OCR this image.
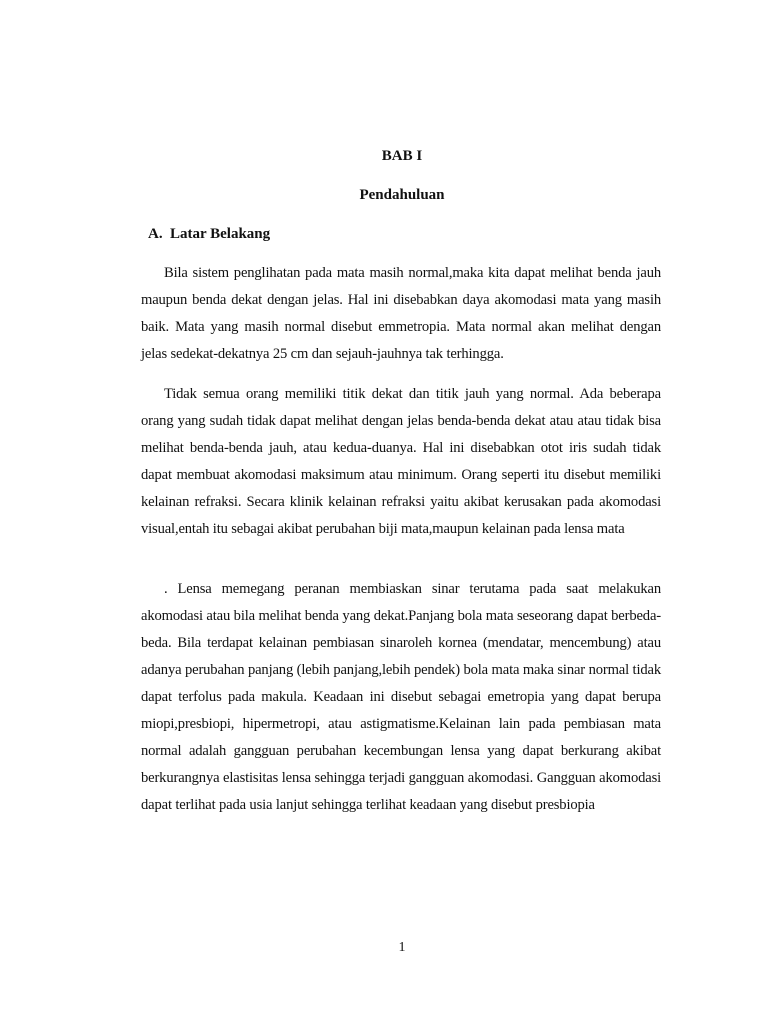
BAB I
Pendahuluan
A. Latar Belakang

Bila sistem penglihatan pada mata masih normal,maka kita dapat melihat benda jauh maupun benda dekat dengan jelas. Hal ini disebabkan daya akomodasi mata yang masih baik. Mata yang masih normal disebut emmetropia. Mata normal akan melihat dengan jelas sedekat-dekatnya 25 cm dan sejauh-jauhnya tak terhingga.

Tidak semua orang memiliki titik dekat dan titik jauh yang normal. Ada beberapa orang yang sudah tidak dapat melihat dengan jelas benda-benda dekat atau atau tidak bisa melihat benda-benda jauh, atau kedua-duanya. Hal ini disebabkan otot iris sudah tidak dapat membuat akomodasi maksimum atau minimum. Orang seperti itu disebut memiliki kelainan refraksi. Secara klinik kelainan refraksi yaitu akibat kerusakan pada akomodasi visual,entah itu sebagai akibat perubahan biji mata,maupun kelainan pada lensa mata

. Lensa memegang peranan membiaskan sinar terutama pada saat melakukan akomodasi atau bila melihat benda yang dekat.Panjang bola mata seseorang dapat berbeda-beda. Bila terdapat kelainan pembiasan sinaroleh kornea (mendatar, mencembung) atau adanya perubahan panjang (lebih panjang,lebih pendek) bola mata maka sinar normal tidak dapat terfolus pada makula. Keadaan ini disebut sebagai emetropia yang dapat berupa miopi,presbiopi, hipermetropi, atau astigmatisme.Kelainan lain pada pembiasan mata normal adalah gangguan perubahan kecembungan lensa yang dapat berkurang akibat berkurangnya elastisitas lensa sehingga terjadi gangguan akomodasi. Gangguan akomodasi dapat terlihat pada usia lanjut sehingga terlihat keadaan yang disebut presbiopia

1
